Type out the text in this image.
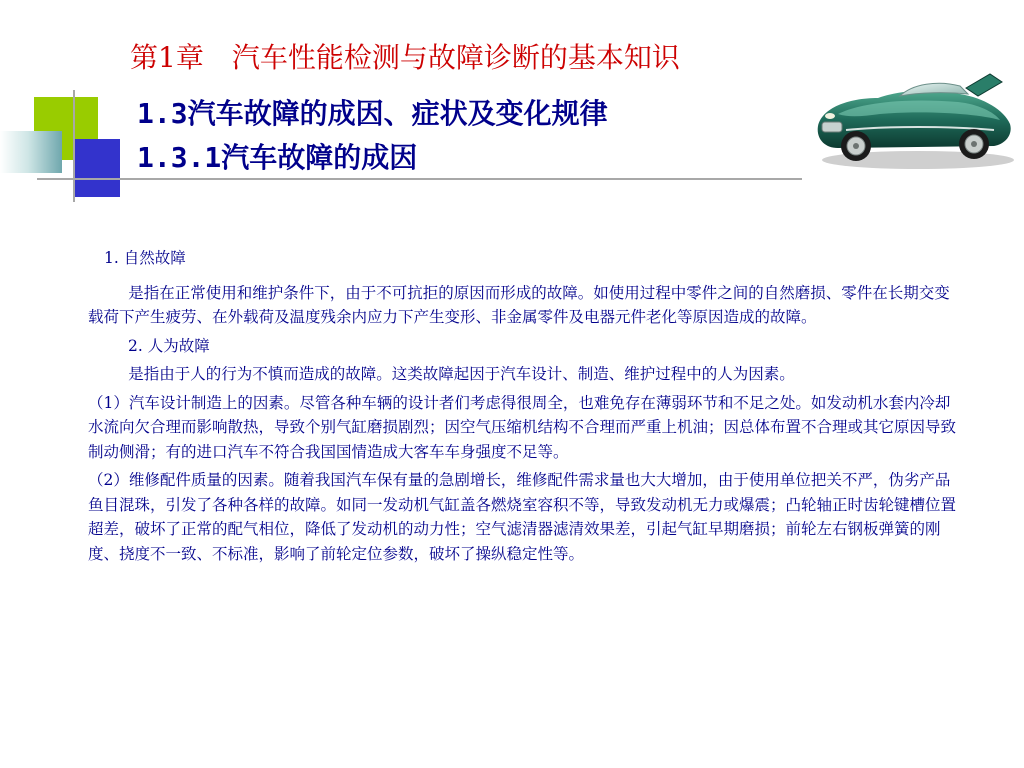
第1章　汽车性能检测与故障诊断的基本知识
1.3汽车故障的成因、症状及变化规律
1.3.1汽车故障的成因

1. 自然故障

是指在正常使用和维护条件下，由于不可抗拒的原因而形成的故障。如使用过程中零件之间的自然磨损、零件在长期交变载荷下产生疲劳、在外载荷及温度残余内应力下产生变形、非金属零件及电器元件老化等原因造成的故障。

2. 人为故障

是指由于人的行为不慎而造成的故障。这类故障起因于汽车设计、制造、维护过程中的人为因素。

（1）汽车设计制造上的因素。尽管各种车辆的设计者们考虑得很周全，也难免存在薄弱环节和不足之处。如发动机水套内冷却水流向欠合理而影响散热，导致个别气缸磨损剧烈；因空气压缩机结构不合理而严重上机油；因总体布置不合理或其它原因导致制动侧滑；有的进口汽车不符合我国国情造成大客车车身强度不足等。

（2）维修配件质量的因素。随着我国汽车保有量的急剧增长，维修配件需求量也大大增加，由于使用单位把关不严，伪劣产品鱼目混珠，引发了各种各样的故障。如同一发动机气缸盖各燃烧室容积不等，导致发动机无力或爆震；凸轮轴正时齿轮键槽位置超差，破坏了正常的配气相位，降低了发动机的动力性；空气滤清器滤清效果差，引起气缸早期磨损；前轮左右钢板弹簧的刚度、挠度不一致、不标准，影响了前轮定位参数，破坏了操纵稳定性等。
